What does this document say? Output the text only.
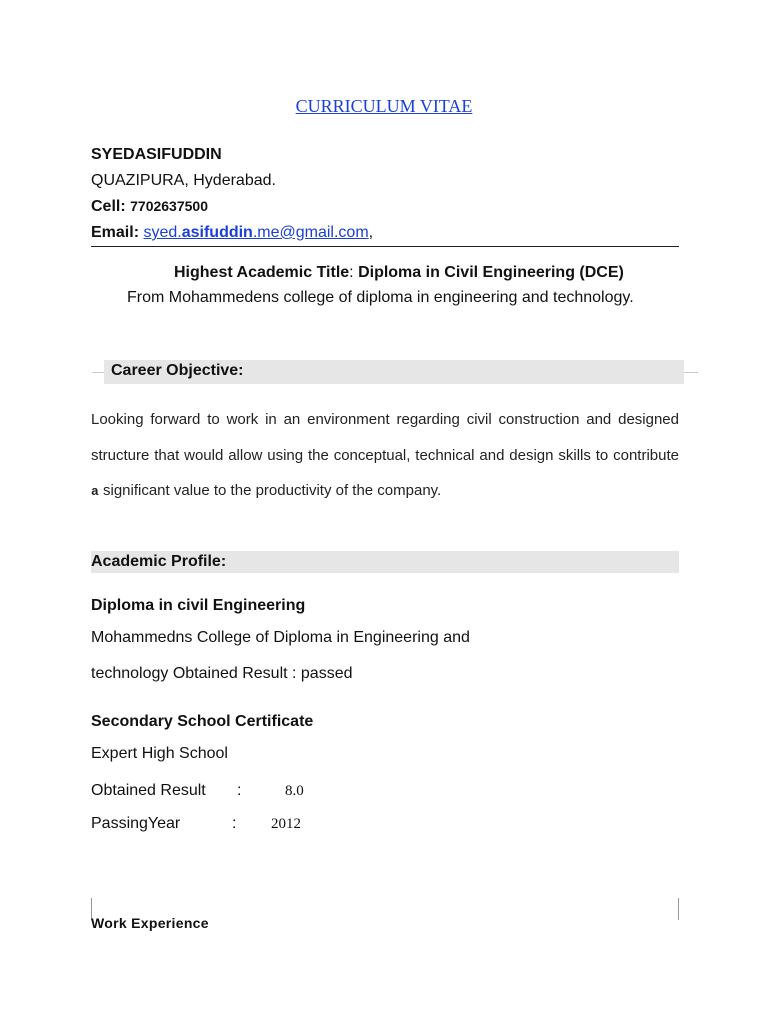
CURRICULUM VITAE
SYEDASIFUDDIN
QUAZIPURA, Hyderabad.
Cell: 7702637500
Email: syed.asifuddin.me@gmail.com,
Highest Academic Title: Diploma in Civil Engineering (DCE)
From Mohammedens college of diploma in engineering and technology.
Career Objective:
Looking forward to work in an environment regarding civil construction and designed structure that would allow using the conceptual, technical and design skills to contribute a significant value to the productivity of the company.
Academic Profile:
Diploma in civil Engineering
Mohammedns College of Diploma in Engineering and
technology Obtained Result : passed
Secondary School Certificate
Expert High School
Obtained Result :	8.0
PassingYear	: 2012
Work Experience
